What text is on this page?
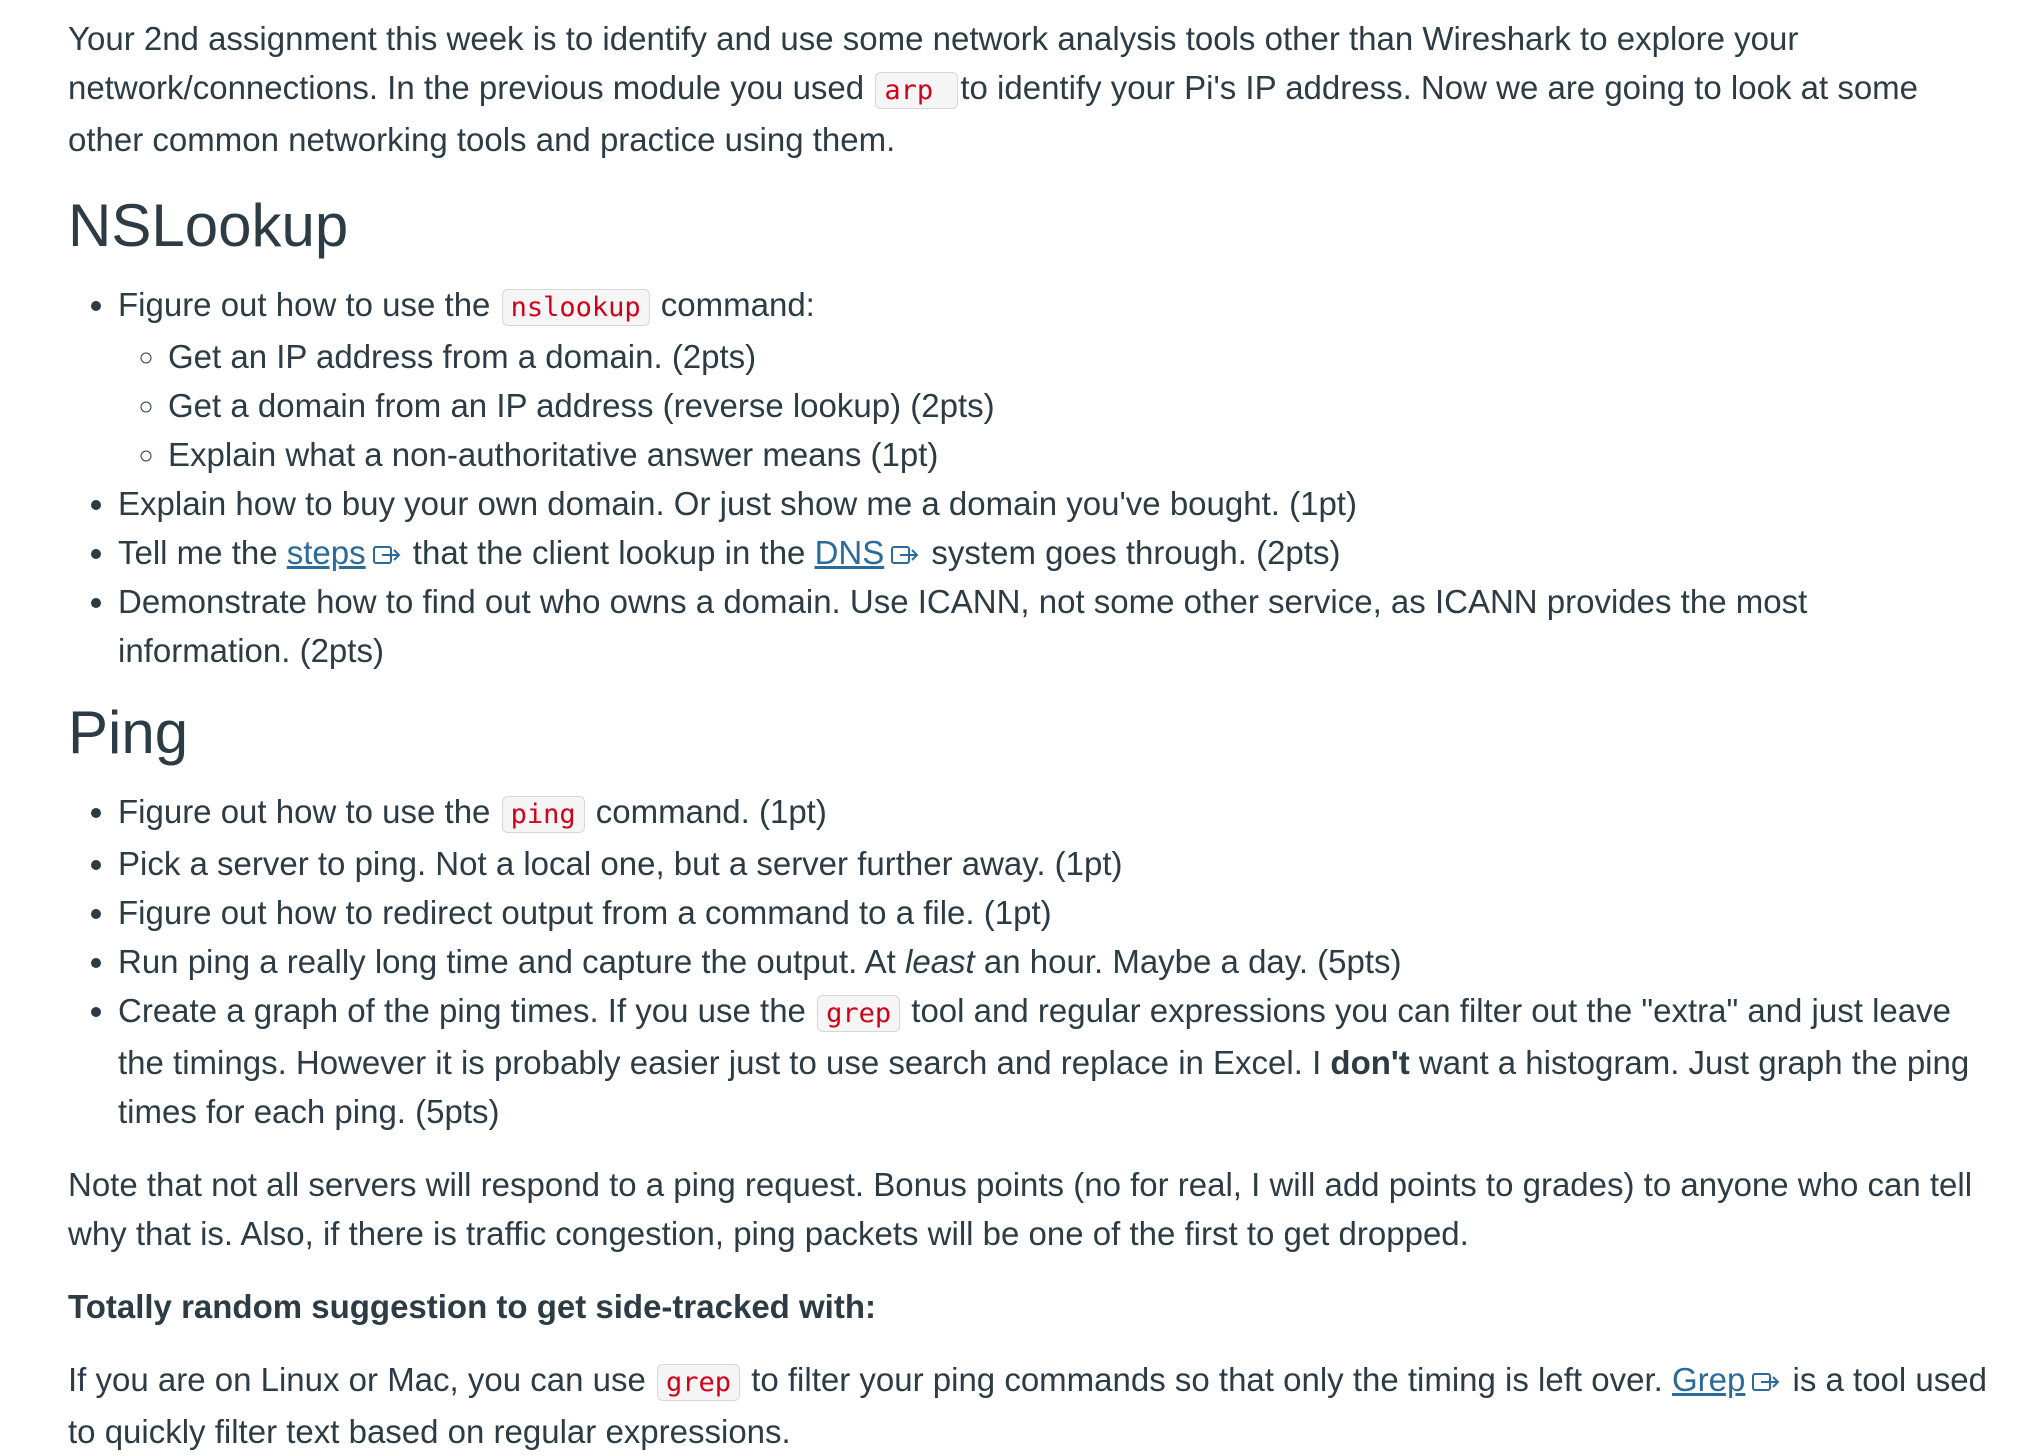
Your 2nd assignment this week is to identify and use some network analysis tools other than Wireshark to explore your network/connections. In the previous module you used arp to identify your Pi's IP address. Now we are going to look at some other common networking tools and practice using them.

NSLookup
• Figure out how to use the nslookup command:
◦ Get an IP address from a domain. (2pts)
◦ Get a domain from an IP address (reverse lookup) (2pts)
◦ Explain what a non-authoritative answer means (1pt)
• Explain how to buy your own domain. Or just show me a domain you've bought. (1pt)
• Tell me the steps that the client lookup in the DNS system goes through. (2pts)
• Demonstrate how to find out who owns a domain. Use ICANN, not some other service, as ICANN provides the most information. (2pts)
Ping
• Figure out how to use the ping command. (1pt)
• Pick a server to ping. Not a local one, but a server further away. (1pt)
• Figure out how to redirect output from a command to a file. (1pt)
• Run ping a really long time and capture the output. At least an hour. Maybe a day. (5pts)
• Create a graph of the ping times. If you use the grep tool and regular expressions you can filter out the "extra" and just leave the timings. However it is probably easier just to use search and replace in Excel. I don't want a histogram. Just graph the ping times for each ping. (5pts)

Note that not all servers will respond to a ping request. Bonus points (no for real, I will add points to grades) to anyone who can tell why that is. Also, if there is traffic congestion, ping packets will be one of the first to get dropped.

Totally random suggestion to get side-tracked with:

If you are on Linux or Mac, you can use grep to filter your ping commands so that only the timing is left over. Grep is a tool used to quickly filter text based on regular expressions.
